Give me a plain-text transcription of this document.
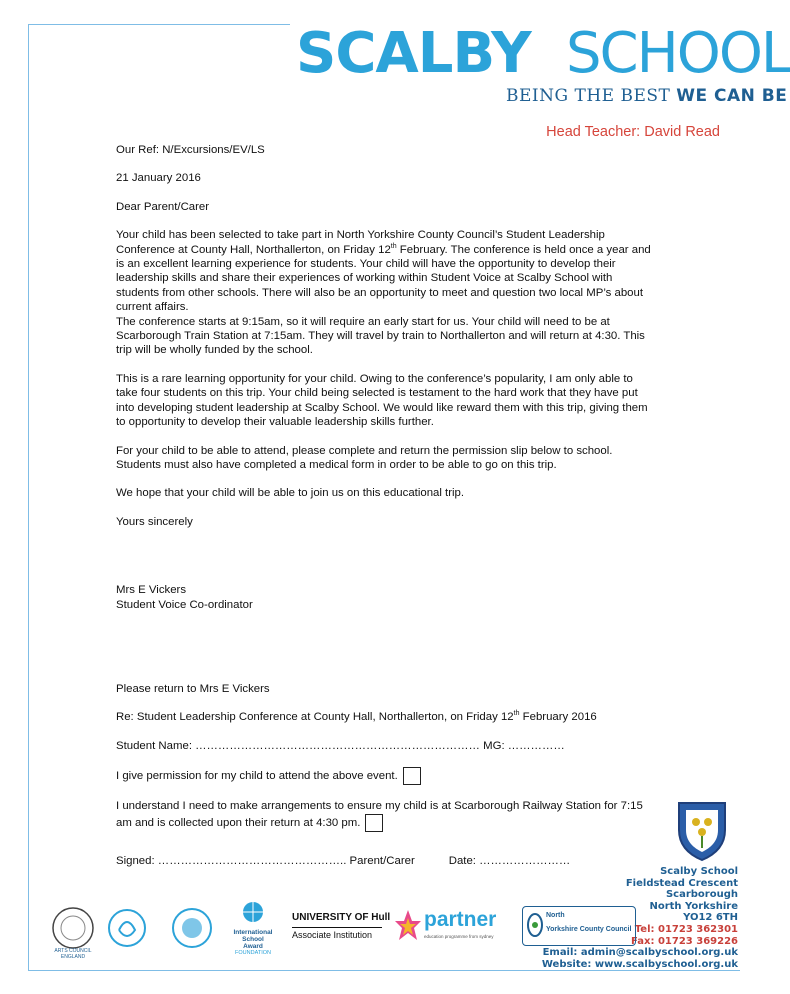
SCALBY SCHOOL
BEING THE BEST WE CAN BE
Head Teacher: David Read

Our Ref: N/Excursions/EV/LS

21 January 2016

Dear Parent/Carer

Your child has been selected to take part in North Yorkshire County Council’s Student Leadership Conference at County Hall, Northallerton, on Friday 12th February. The conference is held once a year and is an excellent learning experience for students. Your child will have the opportunity to develop their leadership skills and share their experiences of working within Student Voice at Scalby School with students from other schools. There will also be an opportunity to meet and question two local MP’s about current affairs.
The conference starts at 9:15am, so it will require an early start for us. Your child will need to be at Scarborough Train Station at 7:15am. They will travel by train to Northallerton and will return at 4:30. This trip will be wholly funded by the school.

This is a rare learning opportunity for your child. Owing to the conference’s popularity, I am only able to take four students on this trip. Your child being selected is testament to the hard work that they have put into developing student leadership at Scalby School. We would like reward them with this trip, giving them to opportunity to develop their valuable leadership skills further.

For your child to be able to attend, please complete and return the permission slip below to school. Students must also have completed a medical form in order to be able to go on this trip.

We hope that your child will be able to join us on this educational trip.

Yours sincerely

Mrs E Vickers
Student Voice Co-ordinator

Please return to Mrs E Vickers

Re: Student Leadership Conference at County Hall, Northallerton, on Friday 12th February 2016

Student Name: ………………………………………………………………… MG: ……………

I give permission for my child to attend the above event.

I understand I need to make arrangements to ensure my child is at Scarborough Railway Station for 7:15 am and is collected upon their return at 4:30 pm.

Signed: ………………………………………….. Parent/Carer	Date: ……………………

Scalby School
Fieldstead Crescent
Scarborough
North Yorkshire
YO12 6TH
Tel: 01723 362301
Fax: 01723 369226
Email: admin@scalbyschool.org.uk
Website: www.scalbyschool.org.uk
ARTS COUNCIL ENGLAND
International
School Award
FOUNDATION
UNIVERSITY OF Hull
Associate Institution
partner
education programme from sydney
North
Yorkshire County Council
